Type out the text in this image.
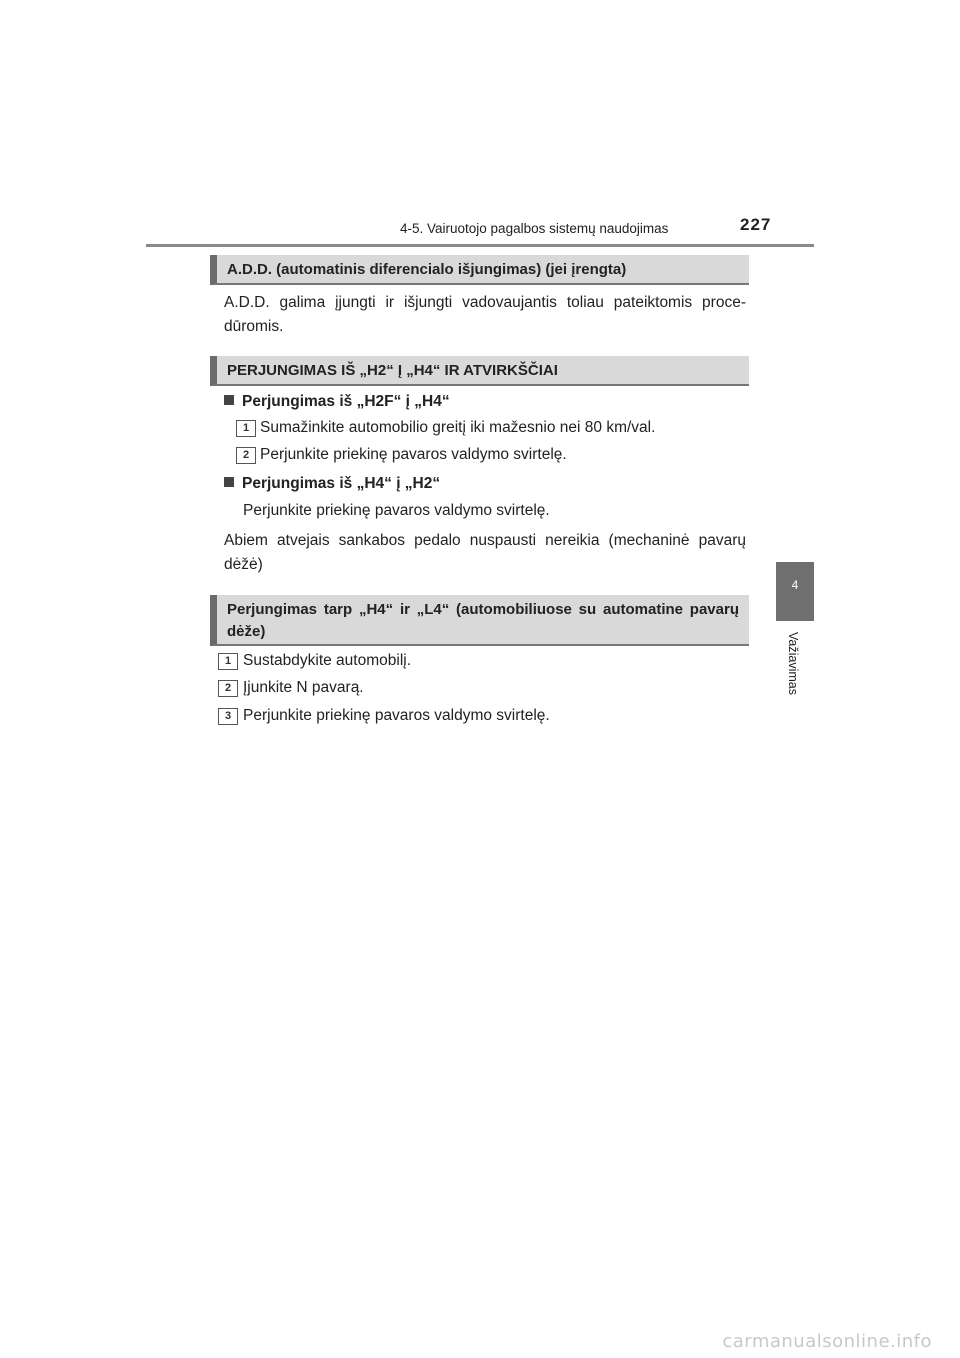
4-5. Vairuotojo pagalbos sistemų naudojimas	227
4
Važiavimas
A.D.D. (automatinis diferencialo išjungimas) (jei įrengta)
A.D.D. galima įjungti ir išjungti vadovaujantis toliau pateiktomis proce-dūromis.
PERJUNGIMAS IŠ „H2“ Į „H4“ IR ATVIRKŠČIAI
Perjungimas iš „H2F“ į „H4“
1 Sumažinkite automobilio greitį iki mažesnio nei 80 km/val.
2 Perjunkite priekinę pavaros valdymo svirtelę.
Perjungimas iš „H4“ į „H2“
Perjunkite priekinę pavaros valdymo svirtelę.
Abiem atvejais sankabos pedalo nuspausti nereikia (mechaninė pavarų dėžė)
Perjungimas tarp „H4“ ir „L4“ (automobiliuose su automatine pavarų dėže)
1 Sustabdykite automobilį.
2 Įjunkite N pavarą.
3 Perjunkite priekinę pavaros valdymo svirtelę.
carmanualsonline.info
